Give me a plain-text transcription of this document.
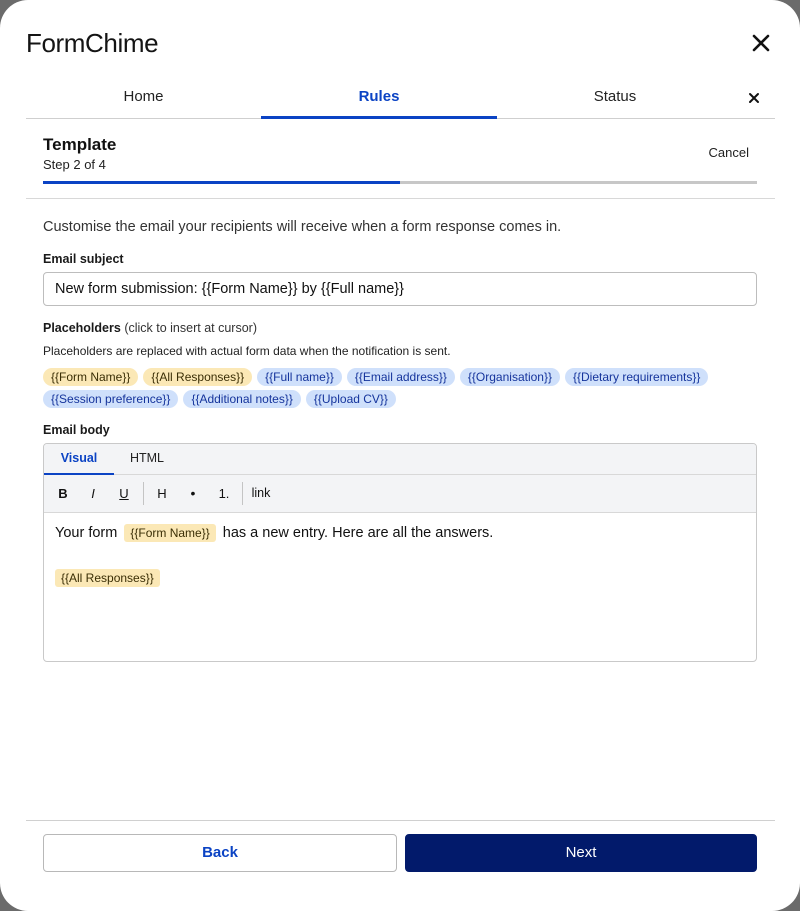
FormChime
Home	Rules	Status
Template
Step 2 of 4
Cancel
Customise the email your recipients will receive when a form response comes in.
Email subject
New form submission: {{Form Name}} by {{Full name}}
Placeholders (click to insert at cursor)
Placeholders are replaced with actual form data when the notification is sent.
{{Form Name}} {{All Responses}} {{Full name}} {{Email address}} {{Organisation}} {{Dietary requirements}}
{{Session preference}} {{Additional notes}} {{Upload CV}}
Email body
Visual	HTML
B	I	U	H	•	1.	link
Your form {{Form Name}} has a new entry. Here are all the answers.
{{All Responses}}
Back	Next
